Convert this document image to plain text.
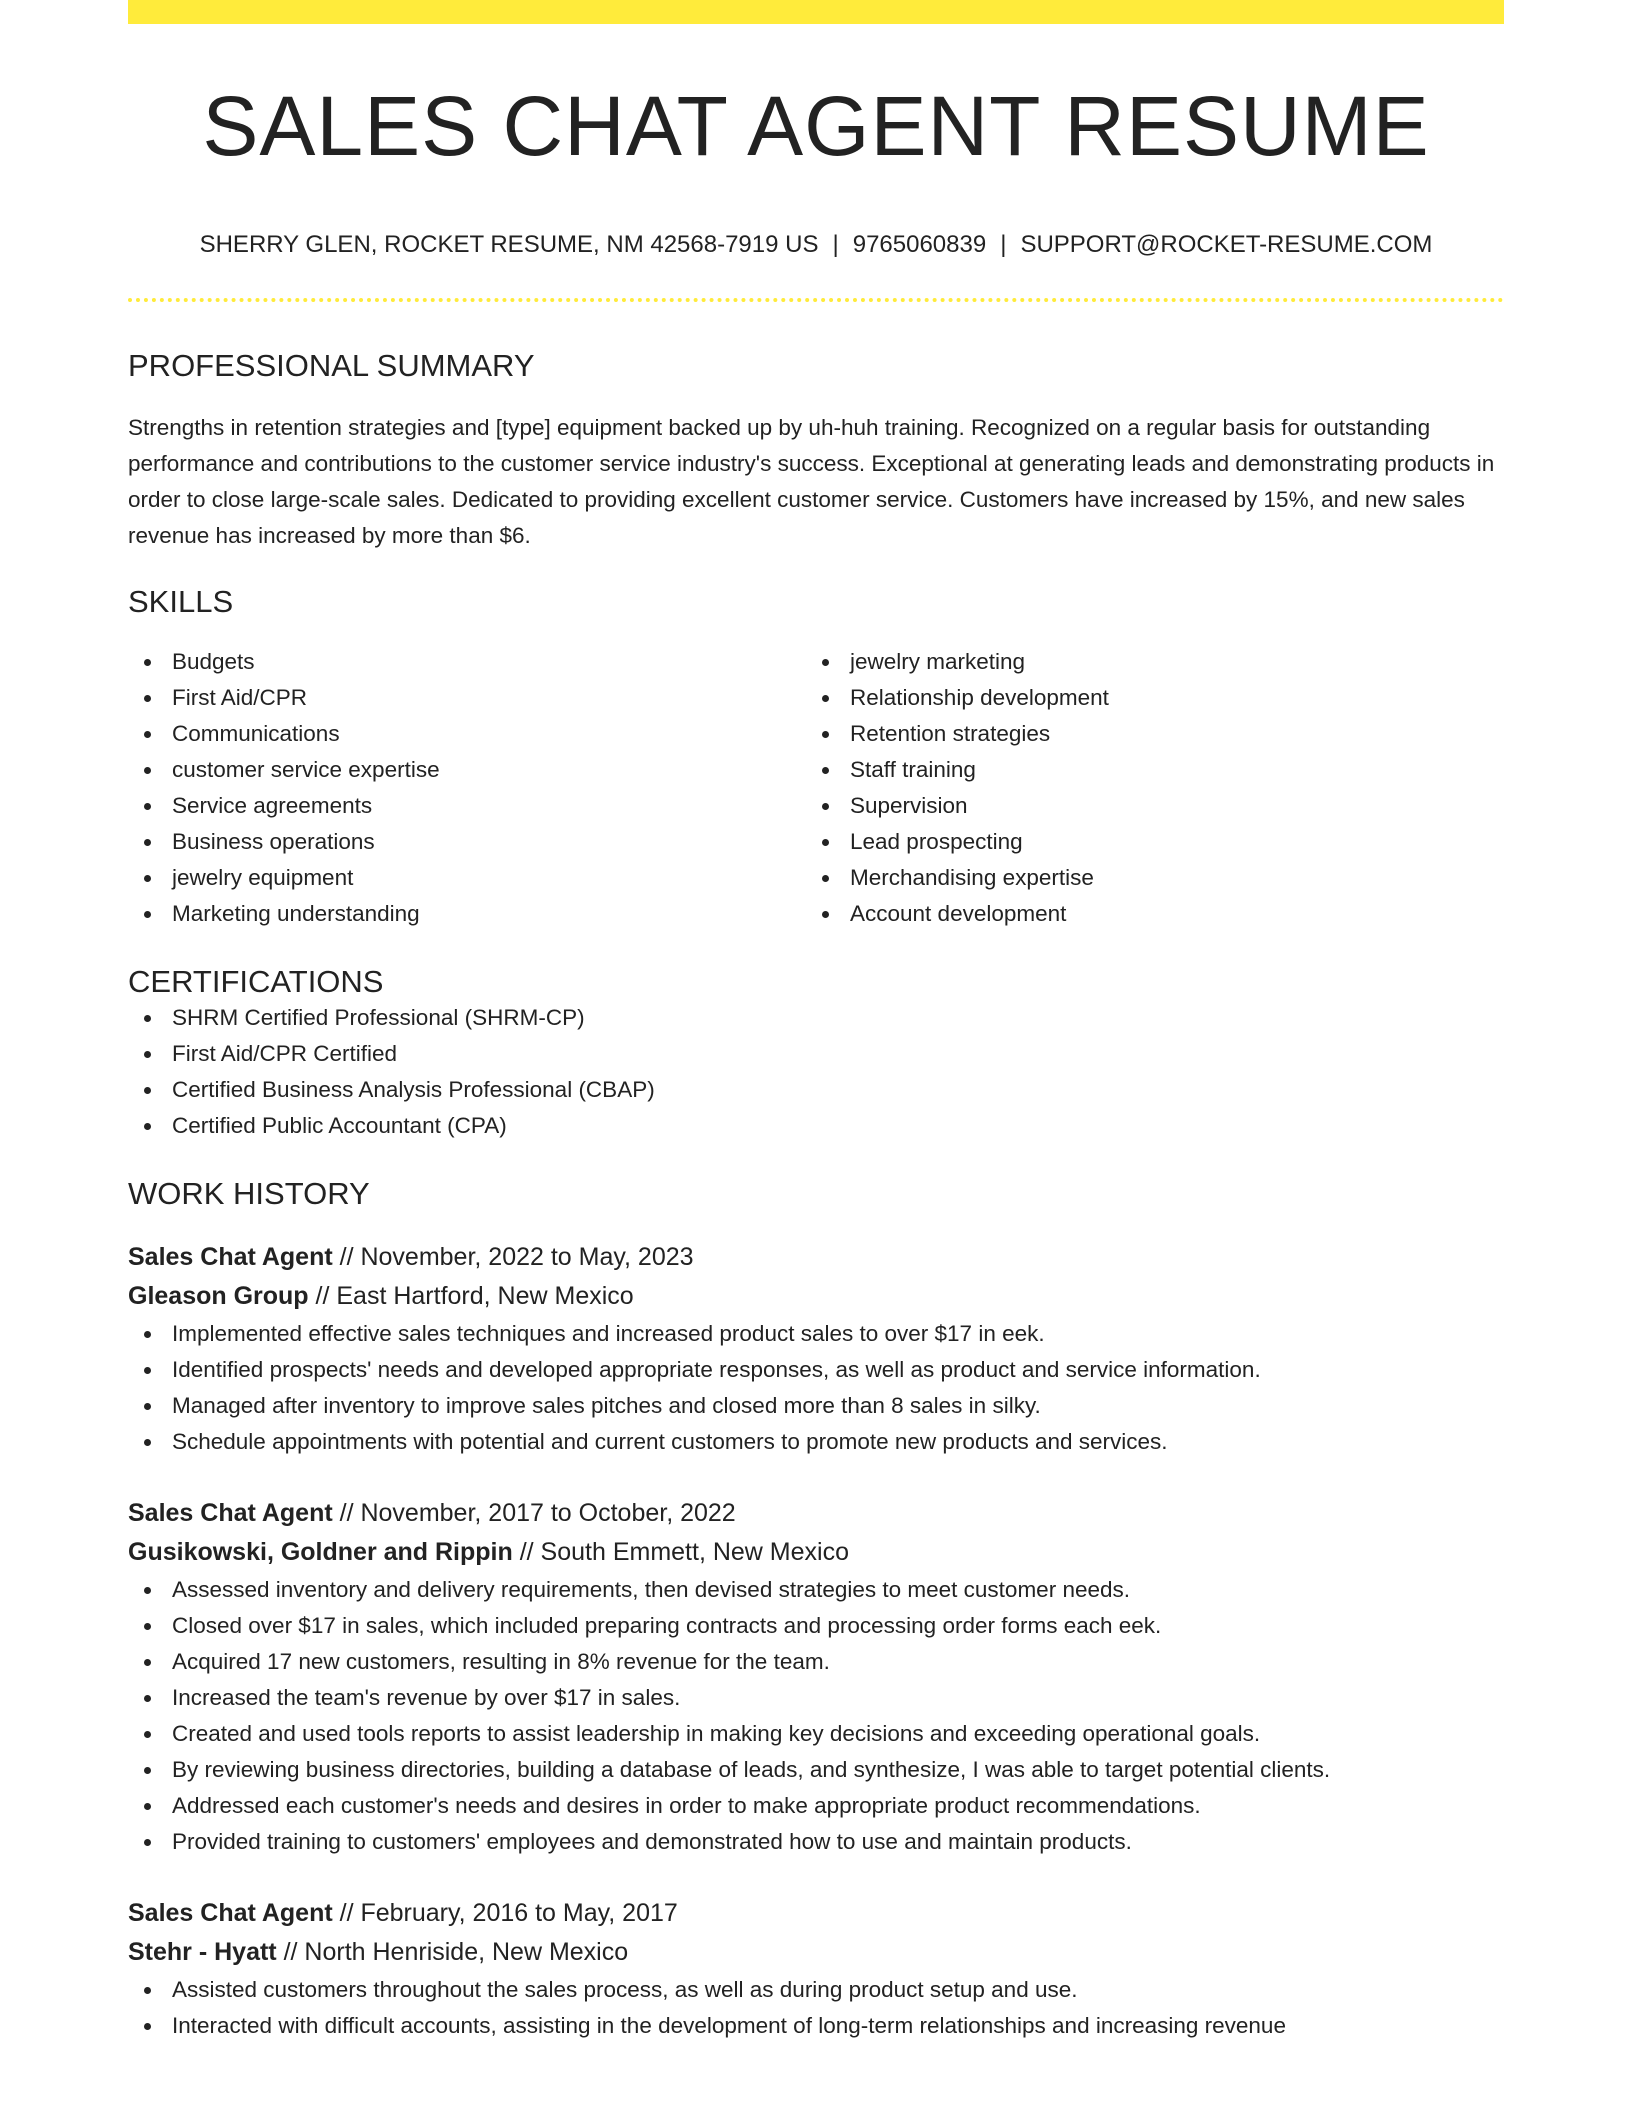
SALES CHAT AGENT RESUME
SHERRY GLEN, ROCKET RESUME, NM 42568-7919 US | 9765060839 | SUPPORT@ROCKET-RESUME.COM
PROFESSIONAL SUMMARY

Strengths in retention strategies and [type] equipment backed up by uh-huh training. Recognized on a regular basis for outstanding performance and contributions to the customer service industry's success. Exceptional at generating leads and demonstrating products in order to close large-scale sales. Dedicated to providing excellent customer service. Customers have increased by 15%, and new sales revenue has increased by more than $6.

SKILLS
Budgets
First Aid/CPR
Communications
customer service expertise
Service agreements
Business operations
jewelry equipment
Marketing understanding
jewelry marketing
Relationship development
Retention strategies
Staff training
Supervision
Lead prospecting
Merchandising expertise
Account development
CERTIFICATIONS
SHRM Certified Professional (SHRM-CP)
First Aid/CPR Certified
Certified Business Analysis Professional (CBAP)
Certified Public Accountant (CPA)
WORK HISTORY
Sales Chat Agent // November, 2022 to May, 2023
Gleason Group // East Hartford, New Mexico
Implemented effective sales techniques and increased product sales to over $17 in eek.
Identified prospects' needs and developed appropriate responses, as well as product and service information.
Managed after inventory to improve sales pitches and closed more than 8 sales in silky.
Schedule appointments with potential and current customers to promote new products and services.
Sales Chat Agent // November, 2017 to October, 2022
Gusikowski, Goldner and Rippin // South Emmett, New Mexico
Assessed inventory and delivery requirements, then devised strategies to meet customer needs.
Closed over $17 in sales, which included preparing contracts and processing order forms each eek.
Acquired 17 new customers, resulting in 8% revenue for the team.
Increased the team's revenue by over $17 in sales.
Created and used tools reports to assist leadership in making key decisions and exceeding operational goals.
By reviewing business directories, building a database of leads, and synthesize, I was able to target potential clients.
Addressed each customer's needs and desires in order to make appropriate product recommendations.
Provided training to customers' employees and demonstrated how to use and maintain products.
Sales Chat Agent // February, 2016 to May, 2017
Stehr - Hyatt // North Henriside, New Mexico
Assisted customers throughout the sales process, as well as during product setup and use.
Interacted with difficult accounts, assisting in the development of long-term relationships and increasing revenue
